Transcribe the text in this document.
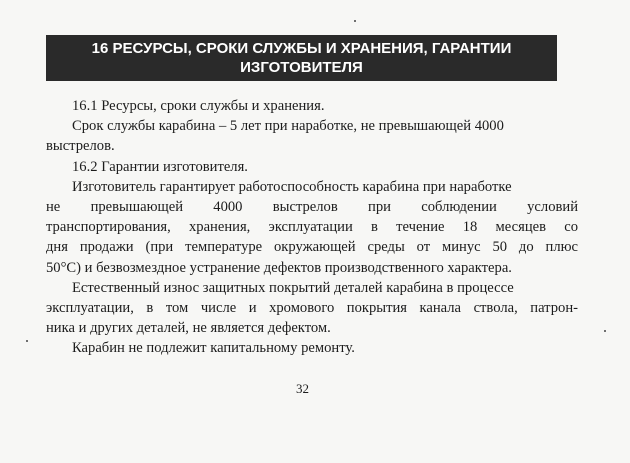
16 РЕСУРСЫ, СРОКИ СЛУЖБЫ И ХРАНЕНИЯ, ГАРАНТИИ
ИЗГОТОВИТЕЛЯ

16.1 Ресурсы, сроки службы и хранения.

Срок службы карабина – 5 лет при наработке, не превышающей 4000
выстрелов.

16.2 Гарантии изготовителя.

Изготовитель гарантирует работоспособность карабина при наработке
не превышающей 4000 выстрелов при соблюдении условий
транспортирования, хранения, эксплуатации в течение 18 месяцев со
дня продажи (при температуре окружающей среды от минус 50 до плюс
50°С) и безвозмездное устранение дефектов производственного характера.

Естественный износ защитных покрытий деталей карабина в процессе
эксплуатации, в том числе и хромового покрытия канала ствола, патрон-
ника и других деталей, не является дефектом.

Карабин не подлежит капитальному ремонту.

32
